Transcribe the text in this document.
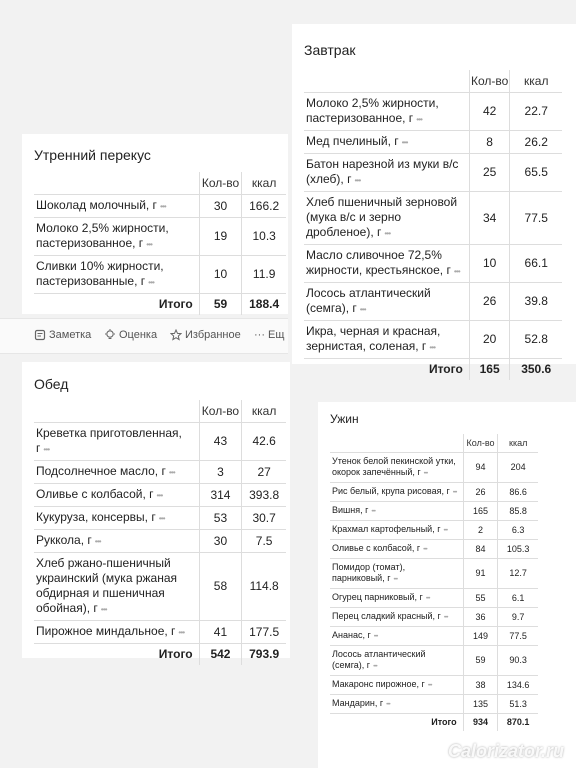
Утренний перекус
	Кол-во	ккал
Шоколад молочный, г •••	30	166.2
Молоко 2,5% жирности, пастеризованное, г •••	19	10.3
Сливки 10% жирности, пастеризованные, г •••	10	11.9
Итого	59	188.4
Заметка	Оценка	Избранное ··· Ещ
Завтрак
	Кол-во	ккал
Молоко 2,5% жирности, пастеризованное, г •••	42	22.7
Мед пчелиный, г •••	8	26.2
Батон нарезной из муки в/с (хлеб), г •••	25	65.5
Хлеб пшеничный зерновой (мука в/с и зерно дробленое), г •••	34	77.5
Масло сливочное 72,5% жирности, крестьянское, г •••	10	66.1
Лосось атлантический (семга), г •••	26	39.8
Икра, черная и красная, зернистая, соленая, г •••	20	52.8
Итого	165	350.6
Обед
	Кол-во	ккал
Креветка приготовленная, г •••	43	42.6
Подсолнечное масло, г •••	3	27
Оливье с колбасой, г •••	314	393.8
Кукуруза, консервы, г •••	53	30.7
Руккола, г •••	30	7.5
Хлеб ржано-пшеничный украинский (мука ржаная обдирная и пшеничная обойная), г •••	58	114.8
Пирожное миндальное, г •••	41	177.5
Итого	542	793.9
Ужин
	Кол-во	ккал
Утенок белой пекинской утки, окорок запечённый, г •••	94	204
Рис белый, крупа рисовая, г •••	26	86.6
Вишня, г •••	165	85.8
Крахмал картофельный, г •••	2	6.3
Оливье с колбасой, г •••	84	105.3
Помидор (томат), парниковый, г •••	91	12.7
Огурец парниковый, г •••	55	6.1
Перец сладкий красный, г •••	36	9.7
Ананас, г •••	149	77.5
Лосось атлантический (семга), г •••	59	90.3
Макаронс пирожное, г •••	38	134.6
Мандарин, г •••	135	51.3
Итого	934	870.1
Calorizator.ru
